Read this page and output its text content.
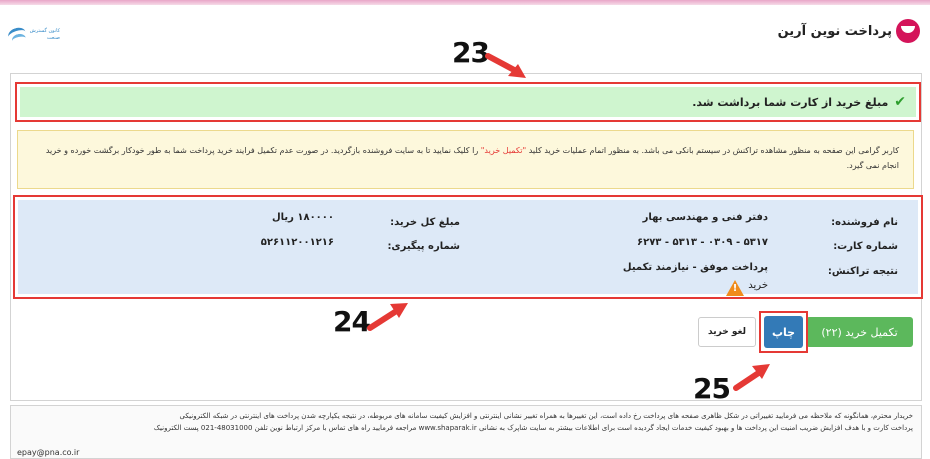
پرداخت نوین آرین
کانون گسترش صنعت
✔
مبلغ خرید از کارت شما برداشت شد.
کاربر گرامی این صفحه به منظور مشاهده تراکنش در سیستم بانکی می باشد. به منظور اتمام عملیات خرید کلید "تکمیل خرید" را کلیک نمایید تا به سایت فروشنده بازگردید. در صورت عدم تکمیل فرایند خرید پرداخت شما به طور خودکار برگشت خورده و خرید
انجام نمی گیرد.
نام فروشنده:
دفتر فنی و مهندسی بهار
شماره کارت:
۶۲۷۳ - ۵۳۱۳ - ۰۳۰۹ - ۵۳۱۷
نتیجه تراکنش:
پرداخت موفق - نیازمند تکمیل
خرید
!
مبلغ کل خرید:
۱۸۰۰۰۰ ریال
شماره پیگیری:
۵۲۶۱۱۲۰۰۱۲۱۶
تکمیل خرید (۲۲)
چاپ
لغو خرید
خریدار محترم، همانگونه که ملاحظه می فرمایید تغییراتی در شکل ظاهری صفحه های پرداخت رخ داده است، این تغییرها به همراه تغییر نشانی اینترنتی و افزایش کیفیت سامانه های مربوطه، در نتیجه یکپارچه شدن پرداخت های اینترنتی در شبکه الکترونیکی
پرداخت کارت و با هدف افزایش ضریب امنیت این پرداخت ها و بهبود کیفیت خدمات ایجاد گردیده است برای اطلاعات بیشتر به سایت شاپرک به نشانی www.shaparak.ir مراجعه فرمایید راه های تماس با مرکز ارتباط نوین تلفن 48031000-021 پست الکترونیک
epay@pna.co.ir
23
24
25
